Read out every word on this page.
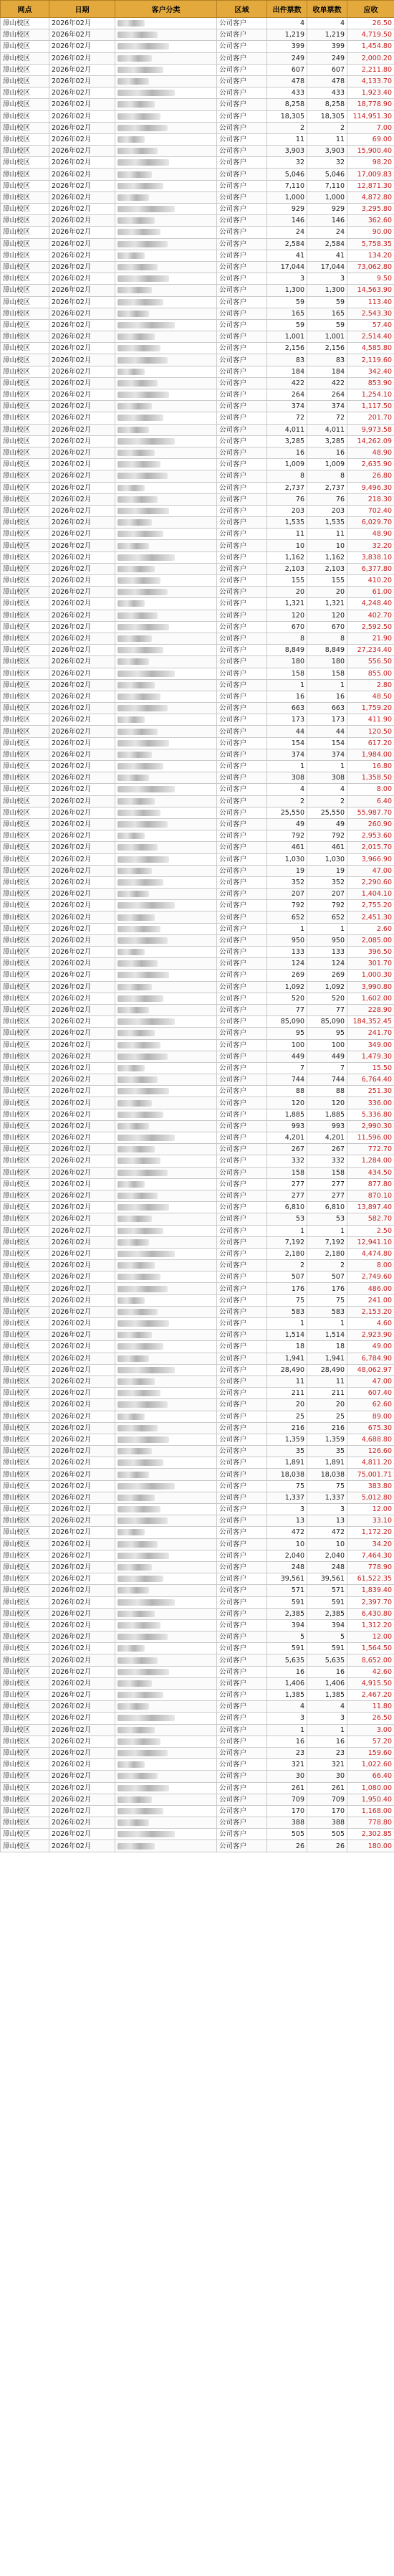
网点	日期	客户分类	区域	出件票数	收单票数	应收
漳山校区	2026年02月		公司客户	4	4	26.50
漳山校区	2026年02月		公司客户	1,219	1,219	4,719.50
漳山校区	2026年02月		公司客户	399	399	1,454.80
漳山校区	2026年02月		公司客户	249	249	2,000.20
漳山校区	2026年02月		公司客户	607	607	2,211.80
漳山校区	2026年02月		公司客户	478	478	4,133.70
漳山校区	2026年02月		公司客户	433	433	1,923.40
漳山校区	2026年02月		公司客户	8,258	8,258	18,778.90
漳山校区	2026年02月		公司客户	18,305	18,305	114,951.30
漳山校区	2026年02月		公司客户	2	2	7.00
漳山校区	2026年02月		公司客户	11	11	69.00
漳山校区	2026年02月		公司客户	3,903	3,903	15,900.40
漳山校区	2026年02月		公司客户	32	32	98.20
漳山校区	2026年02月		公司客户	5,046	5,046	17,009.83
漳山校区	2026年02月		公司客户	7,110	7,110	12,871.30
漳山校区	2026年02月		公司客户	1,000	1,000	4,872.80
漳山校区	2026年02月		公司客户	929	929	3,295.80
漳山校区	2026年02月		公司客户	146	146	362.60
漳山校区	2026年02月		公司客户	24	24	90.00
漳山校区	2026年02月		公司客户	2,584	2,584	5,758.35
漳山校区	2026年02月		公司客户	41	41	134.20
漳山校区	2026年02月		公司客户	17,044	17,044	73,062.80
漳山校区	2026年02月		公司客户	3	3	9.50
漳山校区	2026年02月		公司客户	1,300	1,300	14,563.90
漳山校区	2026年02月		公司客户	59	59	113.40
漳山校区	2026年02月		公司客户	165	165	2,543.30
漳山校区	2026年02月		公司客户	59	59	57.40
漳山校区	2026年02月		公司客户	1,001	1,001	2,514.40
漳山校区	2026年02月		公司客户	2,156	2,156	4,585.80
漳山校区	2026年02月		公司客户	83	83	2,119.60
漳山校区	2026年02月		公司客户	184	184	342.40
漳山校区	2026年02月		公司客户	422	422	853.90
漳山校区	2026年02月		公司客户	264	264	1,254.10
漳山校区	2026年02月		公司客户	374	374	1,117.50
漳山校区	2026年02月		公司客户	72	72	201.70
漳山校区	2026年02月		公司客户	4,011	4,011	9,973.58
漳山校区	2026年02月		公司客户	3,285	3,285	14,262.09
漳山校区	2026年02月		公司客户	16	16	48.90
漳山校区	2026年02月		公司客户	1,009	1,009	2,635.90
漳山校区	2026年02月		公司客户	8	8	26.80
漳山校区	2026年02月		公司客户	2,737	2,737	9,496.30
漳山校区	2026年02月		公司客户	76	76	218.30
漳山校区	2026年02月		公司客户	203	203	702.40
漳山校区	2026年02月		公司客户	1,535	1,535	6,029.70
漳山校区	2026年02月		公司客户	11	11	48.90
漳山校区	2026年02月		公司客户	10	10	32.20
漳山校区	2026年02月		公司客户	1,162	1,162	3,838.10
漳山校区	2026年02月		公司客户	2,103	2,103	6,377.80
漳山校区	2026年02月		公司客户	155	155	410.20
漳山校区	2026年02月		公司客户	20	20	61.00
漳山校区	2026年02月		公司客户	1,321	1,321	4,248.40
漳山校区	2026年02月		公司客户	120	120	402.70
漳山校区	2026年02月		公司客户	670	670	2,592.50
漳山校区	2026年02月		公司客户	8	8	21.90
漳山校区	2026年02月		公司客户	8,849	8,849	27,234.40
漳山校区	2026年02月		公司客户	180	180	556.50
漳山校区	2026年02月		公司客户	158	158	855.00
漳山校区	2026年02月		公司客户	1	1	2.80
漳山校区	2026年02月		公司客户	16	16	48.50
漳山校区	2026年02月		公司客户	663	663	1,759.20
漳山校区	2026年02月		公司客户	173	173	411.90
漳山校区	2026年02月		公司客户	44	44	120.50
漳山校区	2026年02月		公司客户	154	154	617.20
漳山校区	2026年02月		公司客户	374	374	1,984.00
漳山校区	2026年02月		公司客户	1	1	16.80
漳山校区	2026年02月		公司客户	308	308	1,358.50
漳山校区	2026年02月		公司客户	4	4	8.00
漳山校区	2026年02月		公司客户	2	2	6.40
漳山校区	2026年02月		公司客户	25,550	25,550	55,987.70
漳山校区	2026年02月		公司客户	49	49	260.90
漳山校区	2026年02月		公司客户	792	792	2,953.60
漳山校区	2026年02月		公司客户	461	461	2,015.70
漳山校区	2026年02月		公司客户	1,030	1,030	3,966.90
漳山校区	2026年02月		公司客户	19	19	47.00
漳山校区	2026年02月		公司客户	352	352	2,290.60
漳山校区	2026年02月		公司客户	207	207	1,404.10
漳山校区	2026年02月		公司客户	792	792	2,755.20
漳山校区	2026年02月		公司客户	652	652	2,451.30
漳山校区	2026年02月		公司客户	1	1	2.60
漳山校区	2026年02月		公司客户	950	950	2,085.00
漳山校区	2026年02月		公司客户	133	133	396.50
漳山校区	2026年02月		公司客户	124	124	301.70
漳山校区	2026年02月		公司客户	269	269	1,000.30
漳山校区	2026年02月		公司客户	1,092	1,092	3,990.80
漳山校区	2026年02月		公司客户	520	520	1,602.00
漳山校区	2026年02月		公司客户	77	77	228.90
漳山校区	2026年02月		公司客户	85,090	85,090	184,352.45
漳山校区	2026年02月		公司客户	95	95	241.70
漳山校区	2026年02月		公司客户	100	100	349.00
漳山校区	2026年02月		公司客户	449	449	1,479.30
漳山校区	2026年02月		公司客户	7	7	15.50
漳山校区	2026年02月		公司客户	744	744	6,764.40
漳山校区	2026年02月		公司客户	88	88	251.30
漳山校区	2026年02月		公司客户	120	120	336.00
漳山校区	2026年02月		公司客户	1,885	1,885	5,336.80
漳山校区	2026年02月		公司客户	993	993	2,990.30
漳山校区	2026年02月		公司客户	4,201	4,201	11,596.00
漳山校区	2026年02月		公司客户	267	267	772.70
漳山校区	2026年02月		公司客户	332	332	1,284.00
漳山校区	2026年02月		公司客户	158	158	434.50
漳山校区	2026年02月		公司客户	277	277	877.80
漳山校区	2026年02月		公司客户	277	277	870.10
漳山校区	2026年02月		公司客户	6,810	6,810	13,897.40
漳山校区	2026年02月		公司客户	53	53	582.70
漳山校区	2026年02月		公司客户	1	1	2.50
漳山校区	2026年02月		公司客户	7,192	7,192	12,941.10
漳山校区	2026年02月		公司客户	2,180	2,180	4,474.80
漳山校区	2026年02月		公司客户	2	2	8.00
漳山校区	2026年02月		公司客户	507	507	2,749.60
漳山校区	2026年02月		公司客户	176	176	486.00
漳山校区	2026年02月		公司客户	75	75	241.00
漳山校区	2026年02月		公司客户	583	583	2,153.20
漳山校区	2026年02月		公司客户	1	1	4.60
漳山校区	2026年02月		公司客户	1,514	1,514	2,923.90
漳山校区	2026年02月		公司客户	18	18	49.00
漳山校区	2026年02月		公司客户	1,941	1,941	6,784.90
漳山校区	2026年02月		公司客户	28,490	28,490	48,062.97
漳山校区	2026年02月		公司客户	11	11	47.00
漳山校区	2026年02月		公司客户	211	211	607.40
漳山校区	2026年02月		公司客户	20	20	62.60
漳山校区	2026年02月		公司客户	25	25	89.00
漳山校区	2026年02月		公司客户	216	216	675.30
漳山校区	2026年02月		公司客户	1,359	1,359	4,688.80
漳山校区	2026年02月		公司客户	35	35	126.60
漳山校区	2026年02月		公司客户	1,891	1,891	4,811.20
漳山校区	2026年02月		公司客户	18,038	18,038	75,001.71
漳山校区	2026年02月		公司客户	75	75	383.80
漳山校区	2026年02月		公司客户	1,337	1,337	5,012.80
漳山校区	2026年02月		公司客户	3	3	12.00
漳山校区	2026年02月		公司客户	13	13	33.10
漳山校区	2026年02月		公司客户	472	472	1,172.20
漳山校区	2026年02月		公司客户	10	10	34.20
漳山校区	2026年02月		公司客户	2,040	2,040	7,464.30
漳山校区	2026年02月		公司客户	248	248	778.90
漳山校区	2026年02月		公司客户	39,561	39,561	61,522.35
漳山校区	2026年02月		公司客户	571	571	1,839.40
漳山校区	2026年02月		公司客户	591	591	2,397.70
漳山校区	2026年02月		公司客户	2,385	2,385	6,430.80
漳山校区	2026年02月		公司客户	394	394	1,312.20
漳山校区	2026年02月		公司客户	5	5	12.00
漳山校区	2026年02月		公司客户	591	591	1,564.50
漳山校区	2026年02月		公司客户	5,635	5,635	8,652.00
漳山校区	2026年02月		公司客户	16	16	42.60
漳山校区	2026年02月		公司客户	1,406	1,406	4,915.50
漳山校区	2026年02月		公司客户	1,385	1,385	2,467.20
漳山校区	2026年02月		公司客户	4	4	11.80
漳山校区	2026年02月		公司客户	3	3	26.50
漳山校区	2026年02月		公司客户	1	1	3.00
漳山校区	2026年02月		公司客户	16	16	57.20
漳山校区	2026年02月		公司客户	23	23	159.60
漳山校区	2026年02月		公司客户	321	321	1,022.60
漳山校区	2026年02月		公司客户	30	30	66.40
漳山校区	2026年02月		公司客户	261	261	1,080.00
漳山校区	2026年02月		公司客户	709	709	1,950.40
漳山校区	2026年02月		公司客户	170	170	1,168.00
漳山校区	2026年02月		公司客户	388	388	778.80
漳山校区	2026年02月		公司客户	505	505	2,302.85
漳山校区	2026年02月		公司客户	26	26	180.00
